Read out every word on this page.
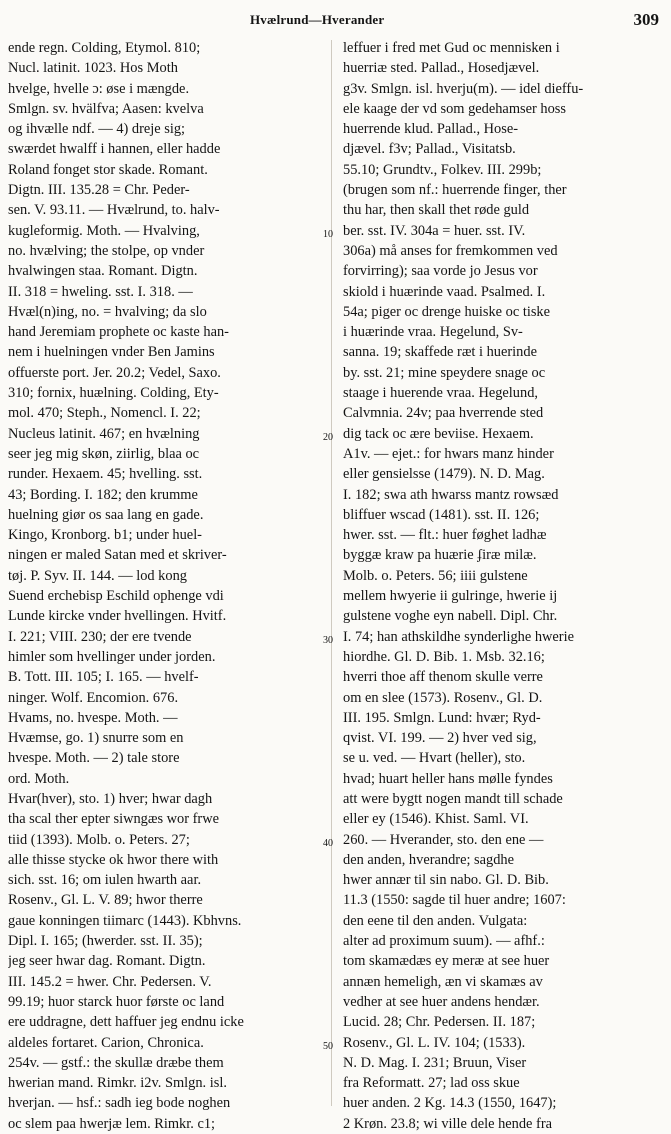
Hvælrund—Hverander	309
ende regn. Colding, Etymol. 810;
Nucl. latinit. 1023. Hos Moth
hvelge, hvelle ɔ: øse i mængde.
Smlgn. sv. hvälfva; Aasen: kvelva
og ihvælle ndf. — 4) dreje sig;
swærdet hwalff i hannen, eller hadde
Roland fonget stor skade. Romant.
Digtn. III. 135.28 = Chr. Peder-
sen. V. 93.11. — Hvælrund, to. halv-
kugleformig. Moth. — Hvalving,
no. hvælving; the stolpe, op vnder
hvalwingen staa. Romant. Digtn.
II. 318 = hweling. sst. I. 318. —
Hvæl(n)ing, no. = hvalving; da slo
hand Jeremiam prophete oc kaste han-
nem i huelningen vnder Ben Jamins
offuerste port. Jer. 20.2; Vedel, Saxo.
310; fornix, huælning. Colding, Ety-
mol. 470; Steph., Nomencl. I. 22;
Nucleus latinit. 467; en hvælning
seer jeg mig skøn, ziirlig, blaa oc
runder. Hexaem. 45; hvelling. sst.
43; Bording. I. 182; den krumme
huelning giør os saa lang en gade.
Kingo, Kronborg. b1; under huel-
ningen er maled Satan med et skriver-
tøj. P. Syv. II. 144. — lod kong
Suend erchebisp Eschild ophenge vdi
Lunde kircke vnder hvellingen. Hvitf.
I. 221; VIII. 230; der ere tvende
himler som hvellinger under jorden.
B. Tott. III. 105; I. 165. — hvelf-
ninger. Wolf. Encomion. 676.
Hvams, no. hvespe. Moth. —
Hvæmse, go. 1) snurre som en
hvespe. Moth. — 2) tale store
ord. Moth.
Hvar(hver), sto. 1) hver; hwar dagh
tha scal ther epter siwngæs wor frwe
tiid (1393). Molb. o. Peters. 27;
alle thisse stycke ok hwor there with
sich. sst. 16; om iulen hwarth aar.
Rosenv., Gl. L. V. 89; hwor therre
gaue konningen tiimarc (1443). Kbhvns.
Dipl. I. 165; (hwerder. sst. II. 35);
jeg seer hwar dag. Romant. Digtn.
III. 145.2 = hwer. Chr. Pedersen. V.
99.19; huor starck huor første oc land
ere uddragne, dett haffuer jeg endnu icke
aldeles fortaret. Carion, Chronica.
254v. — gstf.: the skullæ dræbe them
hwerian mand. Rimkr. i2v. Smlgn. isl.
hverjan. — hsf.: sadh ieg bode noghen
oc slem paa hwerjæ lem. Rimkr. c1;
10
20
30
40
50
leffuer i fred met Gud oc mennisken i
huerriæ sted. Pallad., Hosedjævel.
g3v. Smlgn. isl. hverju(m). — idel dieffu-
ele kaage der vd som gedehamser hoss
huerrende klud. Pallad., Hose-
djævel. f3v; Pallad., Visitatsb.
55.10; Grundtv., Folkev. III. 299b;
(brugen som nf.: huerrende finger, ther
thu har, then skall thet røde guld
ber. sst. IV. 304a = huer. sst. IV.
306a) må anses for fremkommen ved
forvirring); saa vorde jo Jesus vor
skiold i huærinde vaad. Psalmed. I.
54a; piger oc drenge huiske oc tiske
i huærinde vraa. Hegelund, Sv-
sanna. 19; skaffede ræt i huerinde
by. sst. 21; mine speydere snage oc
staage i huerende vraa. Hegelund,
Calvmnia. 24v; paa hverrende sted
dig tack oc ære beviise. Hexaem.
A1v. — ejet.: for hwars manz hinder
eller gensielsse (1479). N. D. Mag.
I. 182; swa ath hwarss mantz rowsæd
bliffuer wscad (1481). sst. II. 126;
hwer. sst. — flt.: huer føghet ladhæ
byggæ kraw pa huærie ʄiræ milæ.
Molb. o. Peters. 56; iiii gulstene
mellem hwyerie ii gulringe, hwerie ij
gulstene voghe eyn nabell. Dipl. Chr.
I. 74; han athskildhe synderlighe hwerie
hiordhe. Gl. D. Bib. 1. Msb. 32.16;
hverri thoe aff thenom skulle verre
om en slee (1573). Rosenv., Gl. D.
III. 195. Smlgn. Lund: hvær; Ryd-
qvist. VI. 199. — 2) hver ved sig,
se u. ved. — Hvart (heller), sto.
hvad; huart heller hans mølle fyndes
att were bygtt nogen mandt till schade
eller ey (1546). Khist. Saml. VI.
260. — Hverander, sto. den ene —
den anden, hverandre; sagdhe
hwer annær til sin nabo. Gl. D. Bib.
11.3 (1550: sagde til huer andre; 1607:
den eene til den anden. Vulgata:
alter ad proximum suum). — afhf.:
tom skamædæs ey meræ at see huer
annæn hemeligh, æn vi skamæs av
vedher at see huer andens hendær.
Lucid. 28; Chr. Pedersen. II. 187;
Rosenv., Gl. L. IV. 104; (1533).
N. D. Mag. I. 231; Bruun, Viser
fra Reformatt. 27; lad oss skue
huer anden. 2 Kg. 14.3 (1550, 1647);
2 Krøn. 23.8; wi ville dele hende fra
